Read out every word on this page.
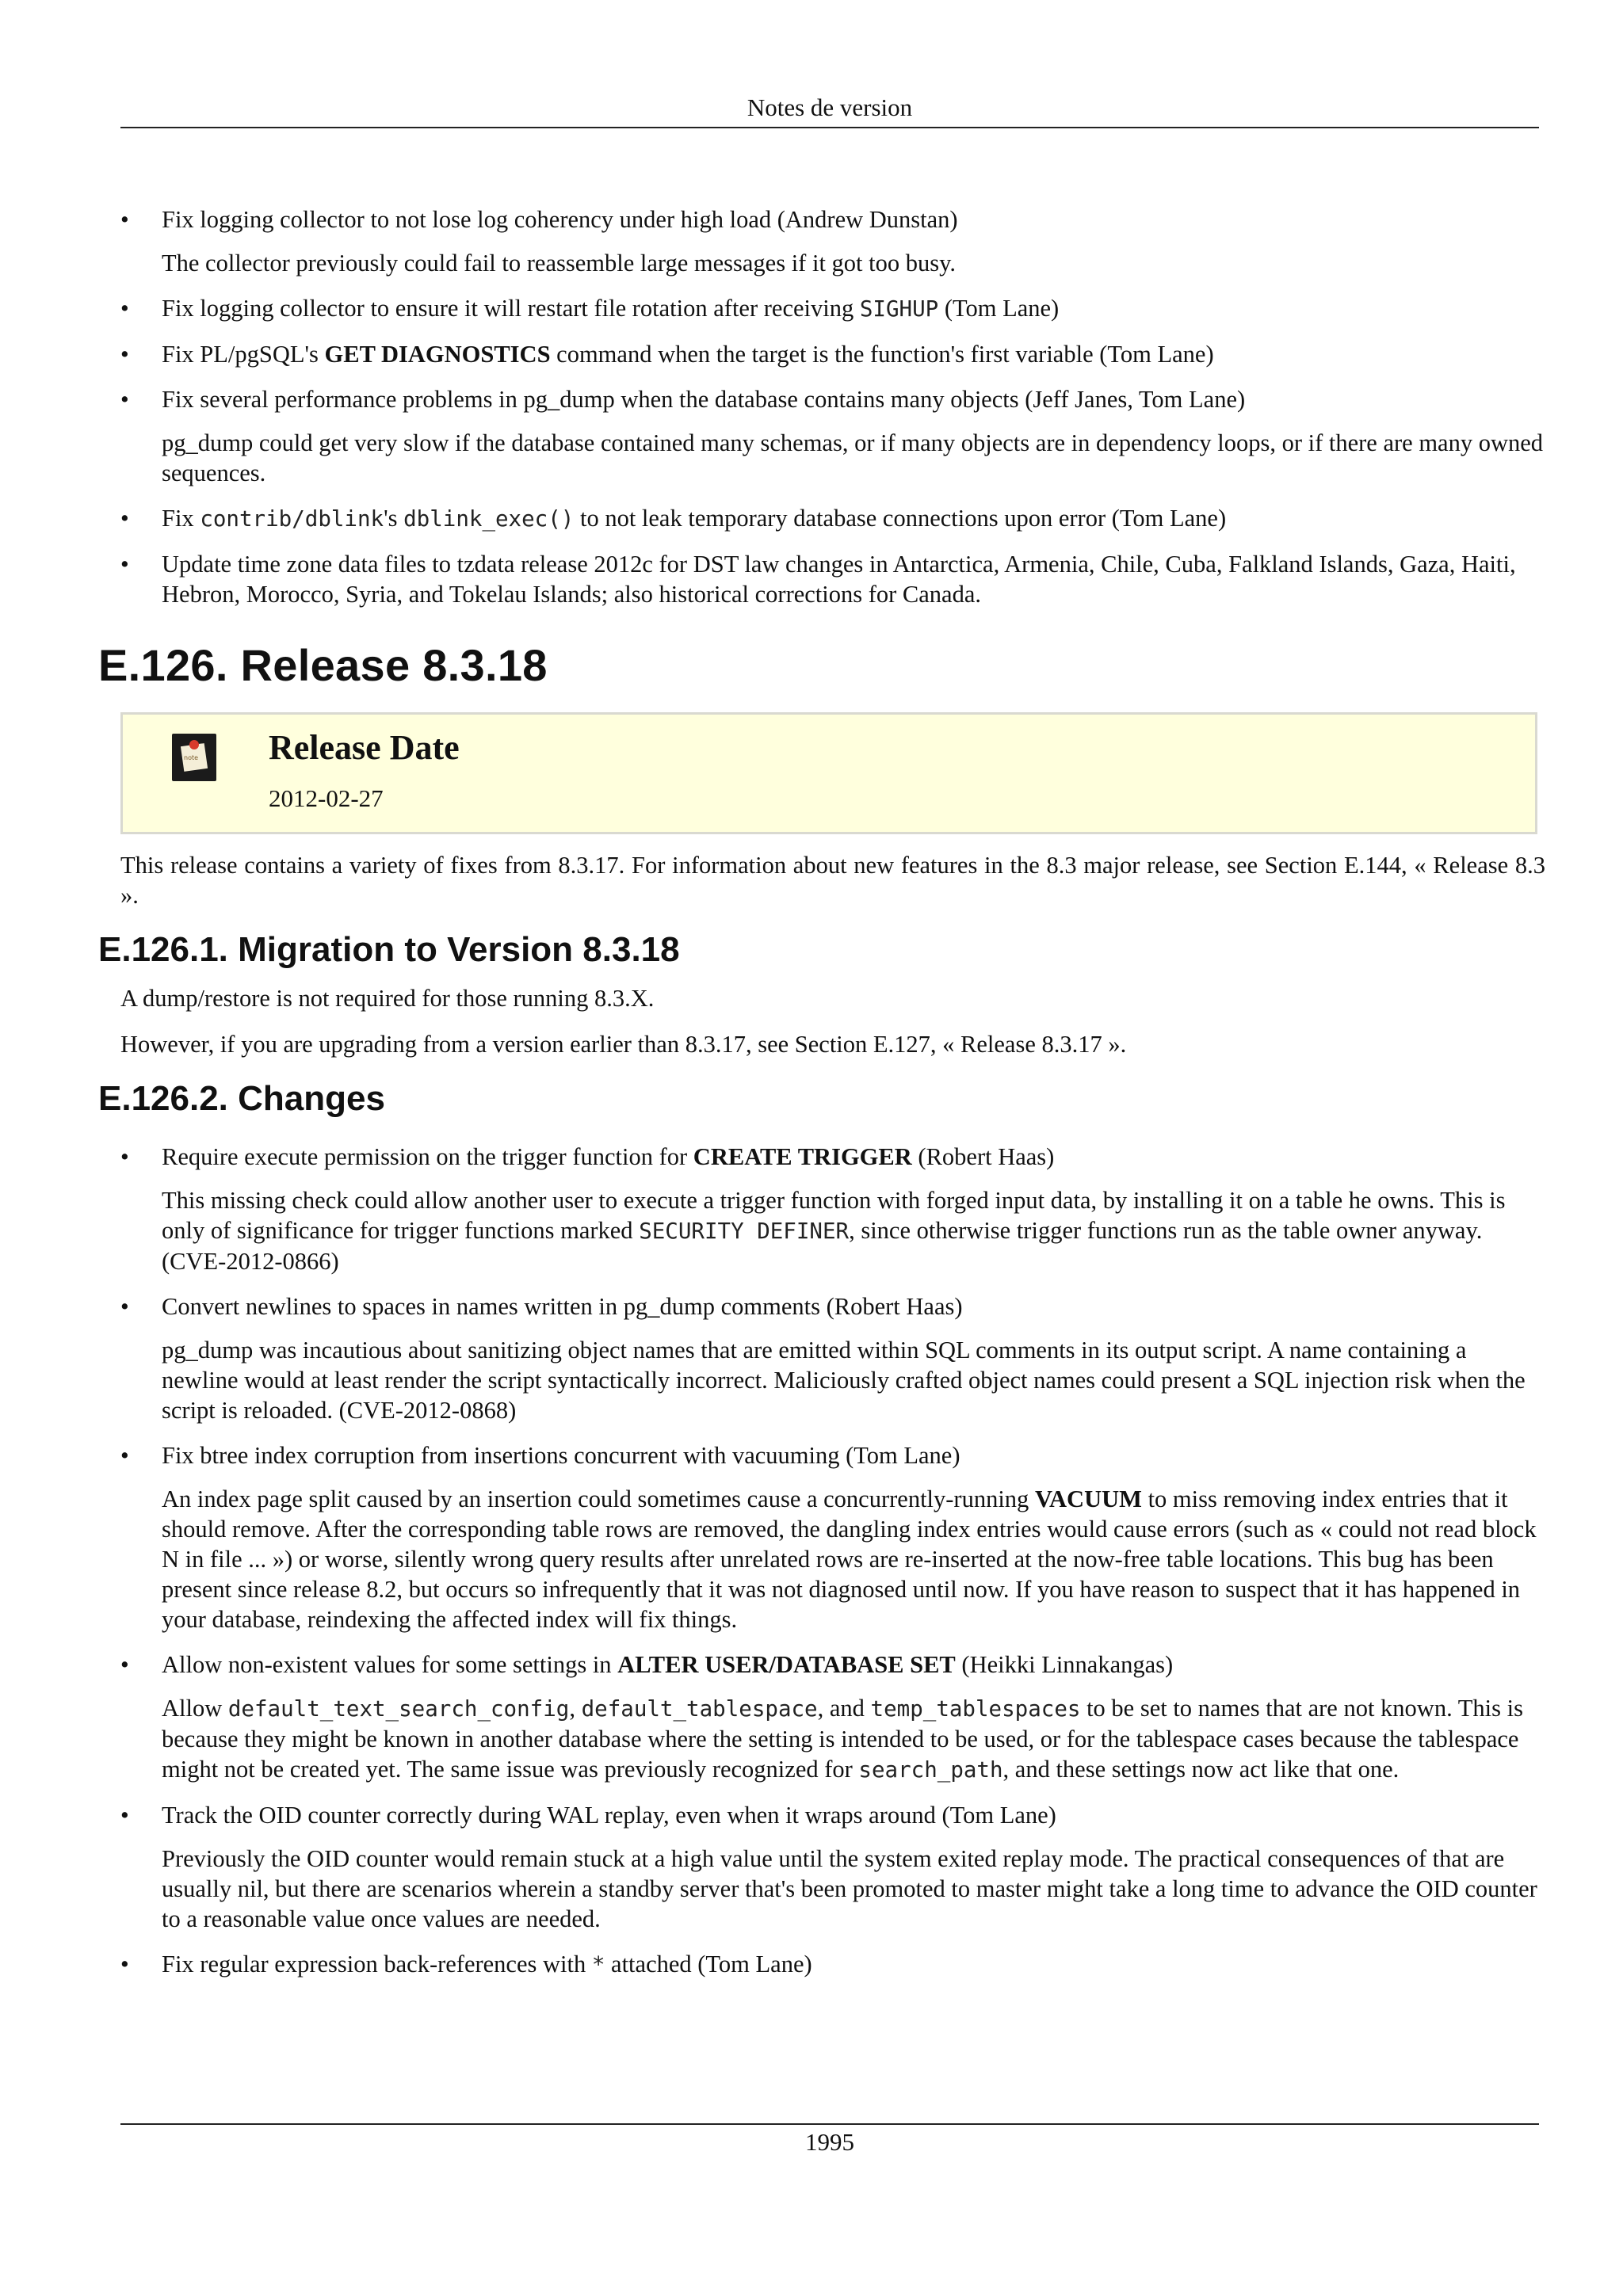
Notes de version
• Fix logging collector to not lose log coherency under high load (Andrew Dunstan)
The collector previously could fail to reassemble large messages if it got too busy.
• Fix logging collector to ensure it will restart file rotation after receiving SIGHUP (Tom Lane)
• Fix PL/pgSQL's GET DIAGNOSTICS command when the target is the function's first variable (Tom Lane)
• Fix several performance problems in pg_dump when the database contains many objects (Jeff Janes, Tom Lane)
pg_dump could get very slow if the database contained many schemas, or if many objects are in dependency loops, or if there are many owned sequences.
• Fix contrib/dblink's dblink_exec() to not leak temporary database connections upon error (Tom Lane)
• Update time zone data files to tzdata release 2012c for DST law changes in Antarctica, Armenia, Chile, Cuba, Falkland Islands, Gaza, Haiti, Hebron, Morocco, Syria, and Tokelau Islands; also historical corrections for Canada.
E.126. Release 8.3.18
note Release Date
2012-02-27

This release contains a variety of fixes from 8.3.17. For information about new features in the 8.3 major release, see Section E.144, « Release 8.3 ».

E.126.1. Migration to Version 8.3.18

A dump/restore is not required for those running 8.3.X.

However, if you are upgrading from a version earlier than 8.3.17, see Section E.127, « Release 8.3.17 ».

E.126.2. Changes
• Require execute permission on the trigger function for CREATE TRIGGER (Robert Haas)
This missing check could allow another user to execute a trigger function with forged input data, by installing it on a table he owns. This is only of significance for trigger functions marked SECURITY DEFINER, since otherwise trigger functions run as the table owner anyway. (CVE-2012-0866)
• Convert newlines to spaces in names written in pg_dump comments (Robert Haas)
pg_dump was incautious about sanitizing object names that are emitted within SQL comments in its output script. A name containing a newline would at least render the script syntactically incorrect. Maliciously crafted object names could present a SQL injection risk when the script is reloaded. (CVE-2012-0868)
• Fix btree index corruption from insertions concurrent with vacuuming (Tom Lane)
An index page split caused by an insertion could sometimes cause a concurrently-running VACUUM to miss removing index entries that it should remove. After the corresponding table rows are removed, the dangling index entries would cause errors (such as « could not read block N in file ... ») or worse, silently wrong query results after unrelated rows are re-inserted at the now-free table locations. This bug has been present since release 8.2, but occurs so infrequently that it was not diagnosed until now. If you have reason to suspect that it has happened in your database, reindexing the affected index will fix things.
• Allow non-existent values for some settings in ALTER USER/DATABASE SET (Heikki Linnakangas)
Allow default_text_search_config, default_tablespace, and temp_tablespaces to be set to names that are not known. This is because they might be known in another database where the setting is intended to be used, or for the tablespace cases because the tablespace might not be created yet. The same issue was previously recognized for search_path, and these settings now act like that one.
• Track the OID counter correctly during WAL replay, even when it wraps around (Tom Lane)
Previously the OID counter would remain stuck at a high value until the system exited replay mode. The practical consequences of that are usually nil, but there are scenarios wherein a standby server that's been promoted to master might take a long time to advance the OID counter to a reasonable value once values are needed.
• Fix regular expression back-references with * attached (Tom Lane)
1995
